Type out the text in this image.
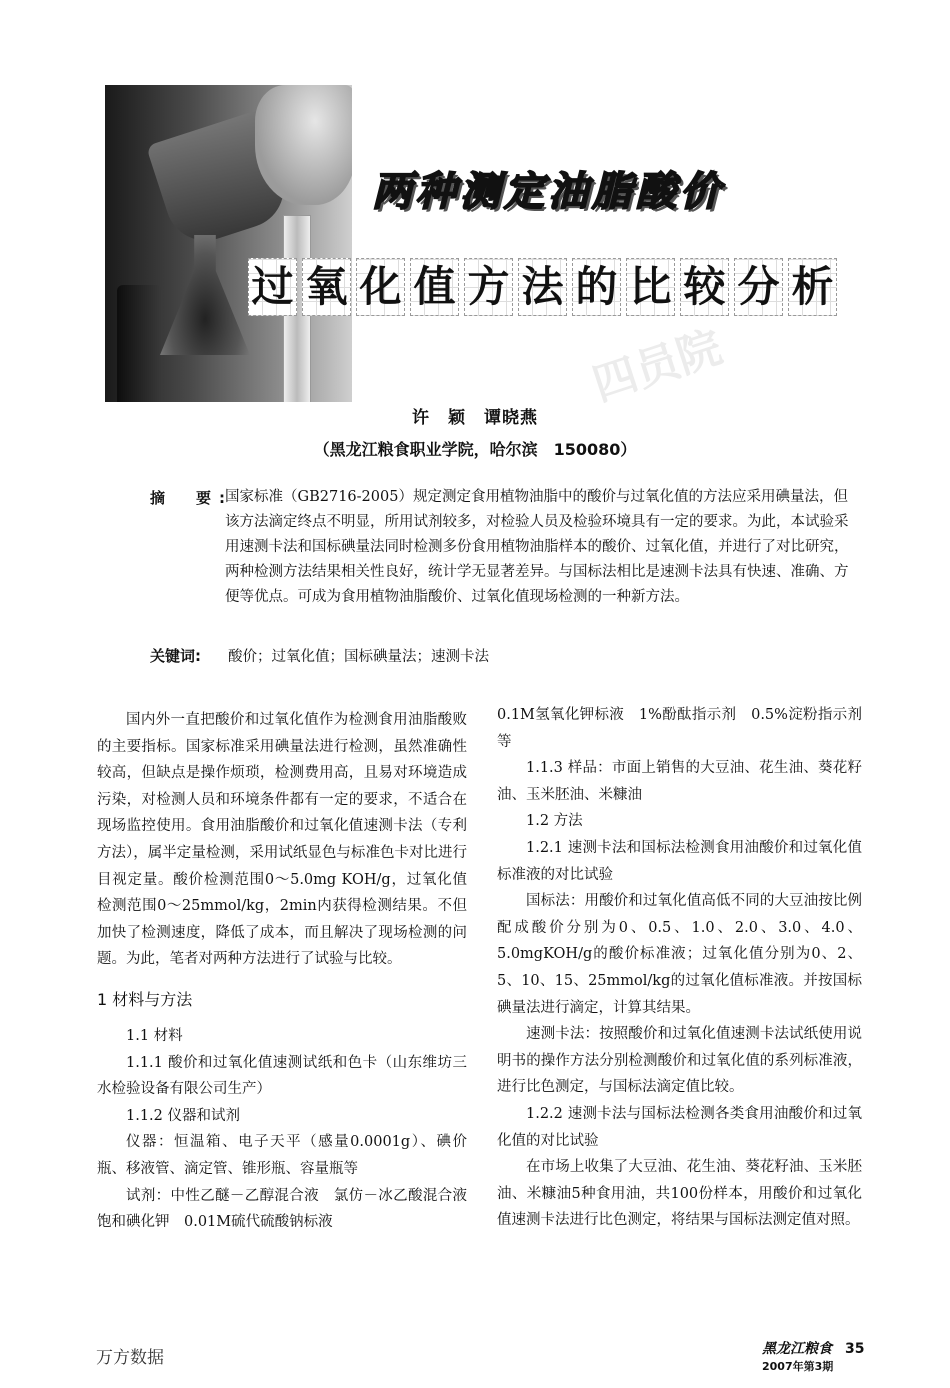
两种测定油脂酸价
过 氧 化 值 方 法 的 比 较 分 析
四员院
许　颖　谭晓燕
（黑龙江粮食职业学院，哈尔滨　150080）
摘　要:
国家标准（GB2716-2005）规定测定食用植物油脂中的酸价与过氧化值的方法应采用碘量法，但该方法滴定终点不明显，所用试剂较多，对检验人员及检验环境具有一定的要求。为此，本试验采用速测卡法和国标碘量法同时检测多份食用植物油脂样本的酸价、过氧化值，并进行了对比研究，两种检测方法结果相关性良好，统计学无显著差异。与国标法相比是速测卡法具有快速、准确、方便等优点。可成为食用植物油脂酸价、过氧化值现场检测的一种新方法。
关键词: 酸价；过氧化值；国标碘量法；速测卡法

国内外一直把酸价和过氧化值作为检测食用油脂酸败的主要指标。国家标准采用碘量法进行检测，虽然准确性较高，但缺点是操作烦琐，检测费用高，且易对环境造成污染，对检测人员和环境条件都有一定的要求，不适合在现场监控使用。食用油脂酸价和过氧化值速测卡法（专利方法），属半定量检测，采用试纸显色与标准色卡对比进行目视定量。酸价检测范围0～5.0mg KOH/g，过氧化值检测范围0～25mmol/kg，2min内获得检测结果。不但加快了检测速度，降低了成本，而且解决了现场检测的问题。为此，笔者对两种方法进行了试验与比较。

1 材料与方法

1.1 材料

1.1.1 酸价和过氧化值速测试纸和色卡（山东维坊三水检验设备有限公司生产）

1.1.2 仪器和试剂

仪器：恒温箱、电子天平（感量0.0001g）、碘价瓶、移液管、滴定管、锥形瓶、容量瓶等

试剂：中性乙醚－乙醇混合液　氯仿－冰乙酸混合液　饱和碘化钾　0.01M硫代硫酸钠标液

0.1M氢氧化钾标液　1%酚酞指示剂　0.5%淀粉指示剂等

1.1.3 样品：市面上销售的大豆油、花生油、葵花籽油、玉米胚油、米糠油

1.2 方法

1.2.1 速测卡法和国标法检测食用油酸价和过氧化值标准液的对比试验

国标法：用酸价和过氧化值高低不同的大豆油按比例配成酸价分别为0、0.5、1.0、2.0、3.0、4.0、5.0mgKOH/g的酸价标准液；过氧化值分别为0、2、5、10、15、25mmol/kg的过氧化值标准液。并按国标碘量法进行滴定，计算其结果。

速测卡法：按照酸价和过氧化值速测卡法试纸使用说明书的操作方法分别检测酸价和过氧化值的系列标准液，进行比色测定，与国标法滴定值比较。

1.2.2 速测卡法与国标法检测各类食用油酸价和过氧化值的对比试验

在市场上收集了大豆油、花生油、葵花籽油、玉米胚油、米糠油5种食用油，共100份样本，用酸价和过氧化值速测卡法进行比色测定，将结果与国标法测定值对照。

万方数据	黑龙江粮食
2007年第3期
35
